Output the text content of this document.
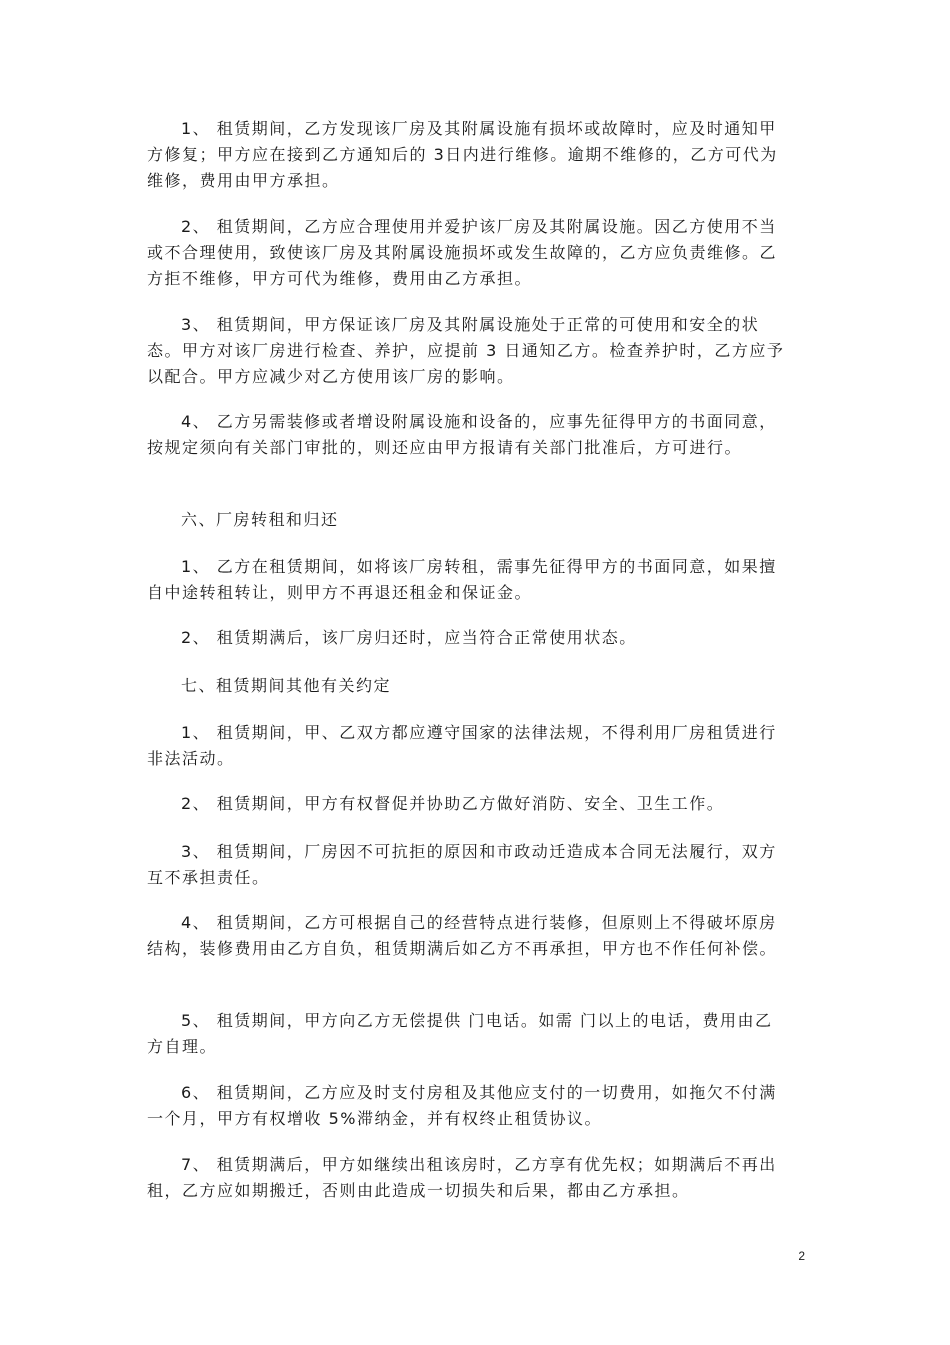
1、 租赁期间，乙方发现该厂房及其附属设施有损坏或故障时，应及时通知甲方修复；甲方应在接到乙方通知后的 3日内进行维修。逾期不维修的，乙方可代为维修，费用由甲方承担。

2、 租赁期间，乙方应合理使用并爱护该厂房及其附属设施。因乙方使用不当或不合理使用，致使该厂房及其附属设施损坏或发生故障的，乙方应负责维修。乙方拒不维修，甲方可代为维修，费用由乙方承担。

3、 租赁期间，甲方保证该厂房及其附属设施处于正常的可使用和安全的状态。甲方对该厂房进行检查、养护，应提前 3 日通知乙方。检查养护时，乙方应予以配合。甲方应减少对乙方使用该厂房的影响。

4、 乙方另需装修或者增设附属设施和设备的，应事先征得甲方的书面同意，按规定须向有关部门审批的，则还应由甲方报请有关部门批准后，方可进行。

六、厂房转租和归还

1、 乙方在租赁期间，如将该厂房转租，需事先征得甲方的书面同意，如果擅自中途转租转让，则甲方不再退还租金和保证金。

2、 租赁期满后，该厂房归还时，应当符合正常使用状态。

七、租赁期间其他有关约定

1、 租赁期间，甲、乙双方都应遵守国家的法律法规，不得利用厂房租赁进行非法活动。

2、 租赁期间，甲方有权督促并协助乙方做好消防、安全、卫生工作。

3、 租赁期间，厂房因不可抗拒的原因和市政动迁造成本合同无法履行，双方互不承担责任。

4、 租赁期间，乙方可根据自己的经营特点进行装修，但原则上不得破坏原房结构，装修费用由乙方自负，租赁期满后如乙方不再承担，甲方也不作任何补偿。

5、 租赁期间，甲方向乙方无偿提供 门电话。如需 门以上的电话，费用由乙方自理。

6、 租赁期间，乙方应及时支付房租及其他应支付的一切费用，如拖欠不付满一个月，甲方有权增收 5%滞纳金，并有权终止租赁协议。

7、 租赁期满后，甲方如继续出租该房时，乙方享有优先权；如期满后不再出租，乙方应如期搬迁，否则由此造成一切损失和后果，都由乙方承担。

2
